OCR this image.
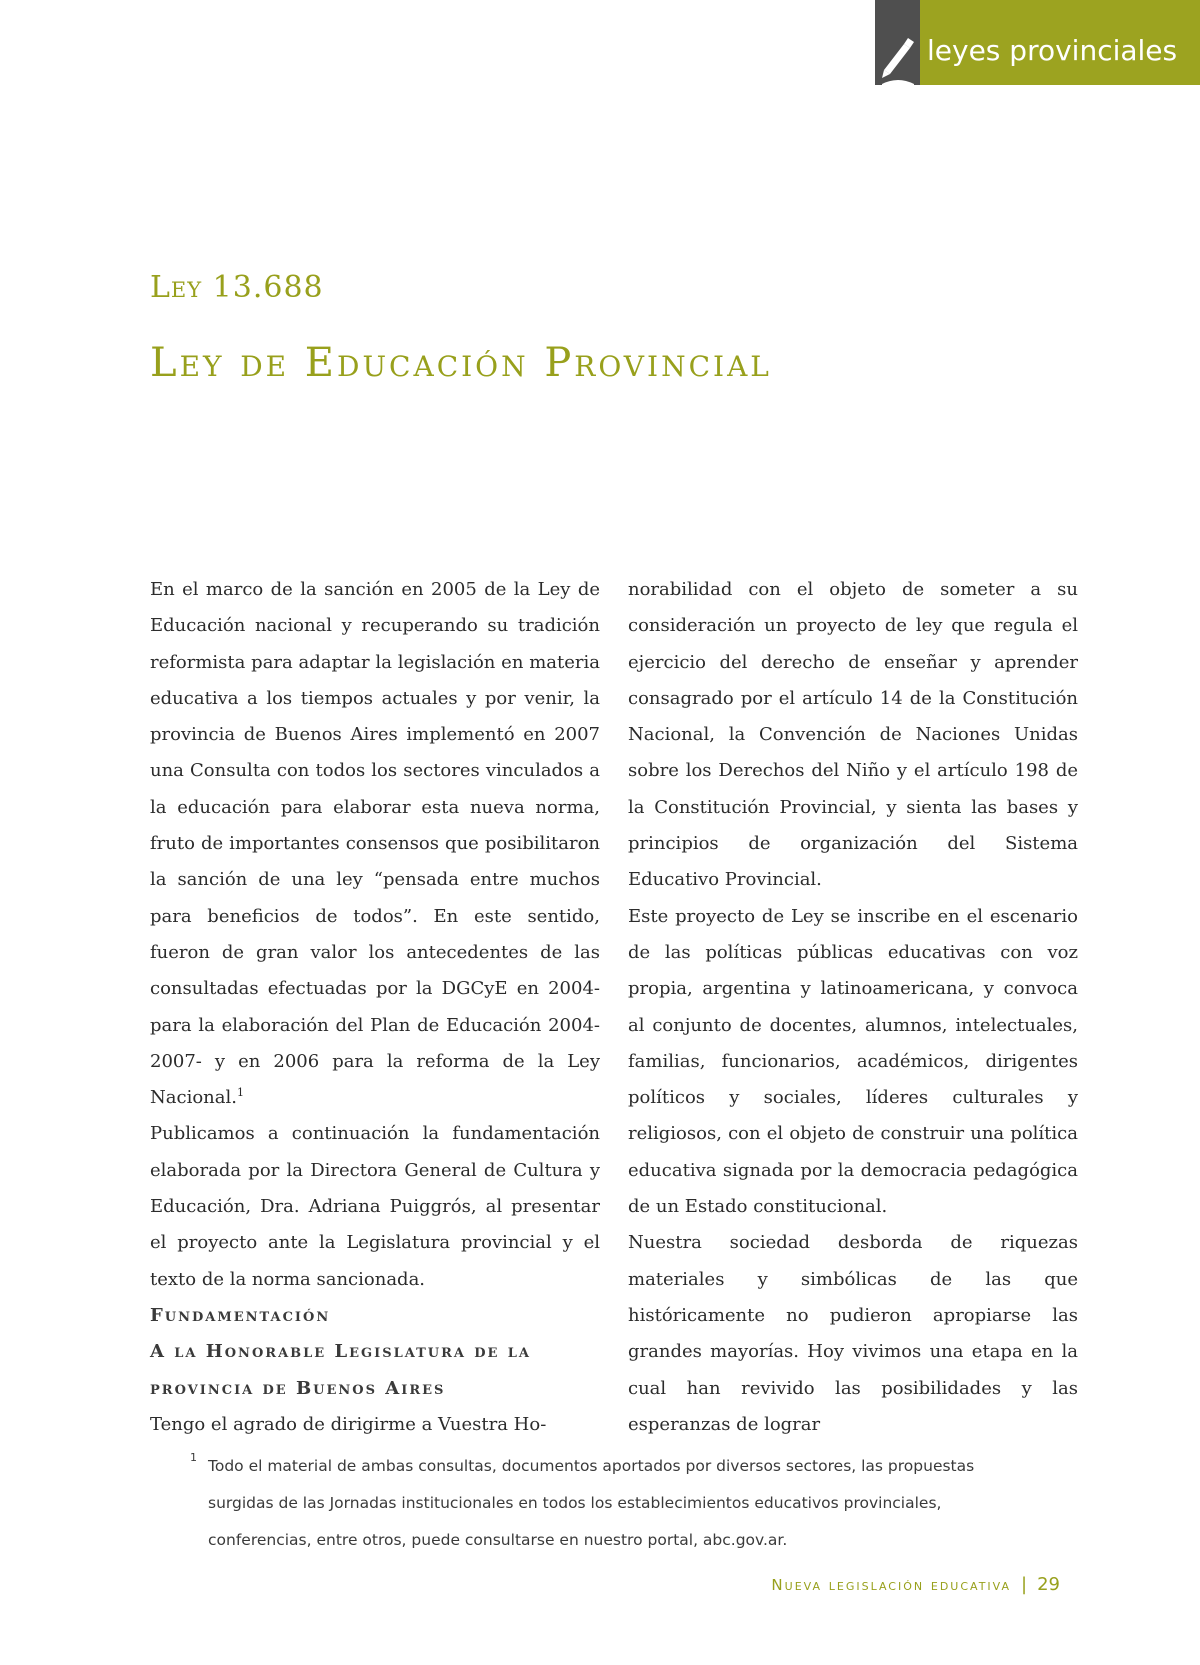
leyes provinciales
Ley 13.688
Ley de Educación Provincial

En el marco de la sanción en 2005 de la Ley de Educación nacional y recuperando su tradición reformista para adaptar la legislación en materia educativa a los tiempos actuales y por venir, la provincia de Buenos Aires implementó en 2007 una Consulta con todos los sectores vinculados a la educación para elaborar esta nueva norma, fruto de importantes consensos que posibilitaron la sanción de una ley “pensada entre muchos para beneficios de todos”. En este sentido, fueron de gran valor los antecedentes de las consultadas efectuadas por la DGCyE en 2004- para la elaboración del Plan de Educación 2004-2007- y en 2006 para la reforma de la Ley Nacional.$^1$

Publicamos a continuación la fundamentación elaborada por la Directora General de Cultura y Educación, Dra. Adriana Puiggrós, al presentar el proyecto ante la Legislatura provincial y el texto de la norma sancionada.

Fundamentación

A la Honorable Legislatura de la provincia de Buenos Aires

Tengo el agrado de dirigirme a Vuestra Ho-

norabilidad con el objeto de someter a su consideración un proyecto de ley que regula el ejercicio del derecho de enseñar y aprender consagrado por el artículo 14 de la Constitución Nacional, la Convención de Naciones Unidas sobre los Derechos del Niño y el artículo 198 de la Constitución Provincial, y sienta las bases y principios de organización del Sistema Educativo Provincial.

Este proyecto de Ley se inscribe en el escenario de las políticas públicas educativas con voz propia, argentina y latinoamericana, y convoca al conjunto de docentes, alumnos, intelectuales, familias, funcionarios, académicos, dirigentes políticos y sociales, líderes culturales y religiosos, con el objeto de construir una política educativa signada por la democracia pedagógica de un Estado constitucional.

Nuestra sociedad desborda de riquezas materiales y simbólicas de las que históricamente no pudieron apropiarse las grandes mayorías. Hoy vivimos una etapa en la cual han revivido las posibilidades y las esperanzas de lograr

1 Todo el material de ambas consultas, documentos aportados por diversos sectores, las propuestas surgidas de las Jornadas institucionales en todos los establecimientos educativos provinciales, conferencias, entre otros, puede consultarse en nuestro portal, abc.gov.ar.
Nueva legislación educativa | 29
